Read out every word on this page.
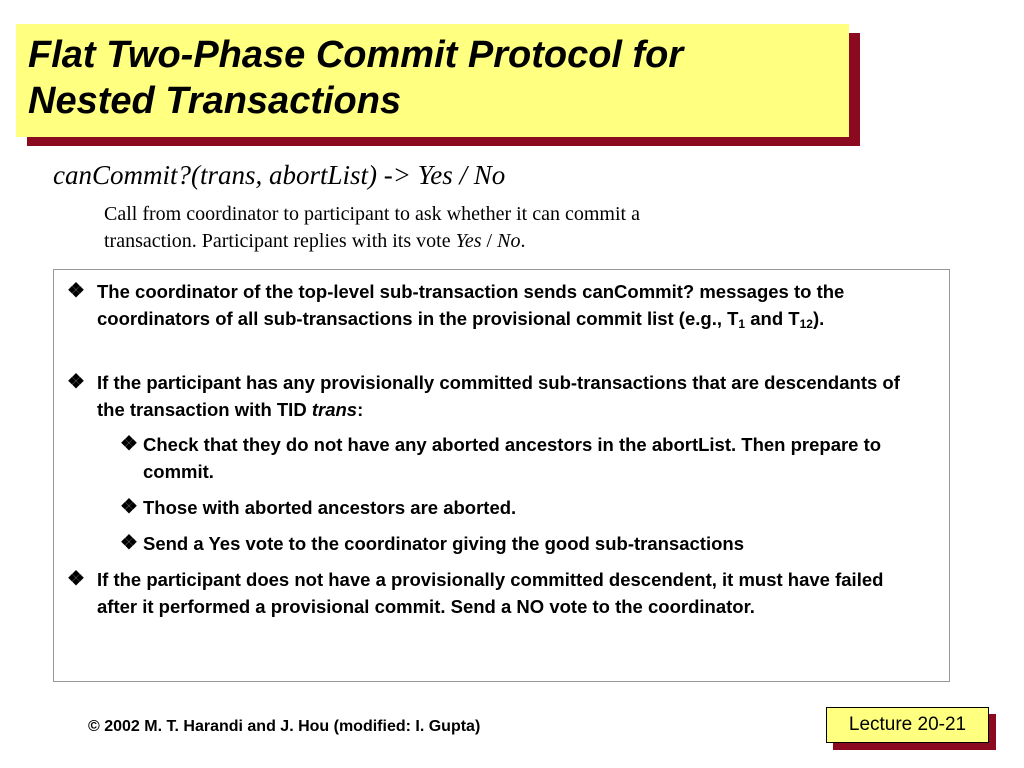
Flat Two-Phase Commit Protocol for
Nested Transactions
canCommit?(trans, abortList) -> Yes / No
Call from coordinator to participant to ask whether it can commit a
transaction. Participant replies with its vote Yes / No.
❖ The coordinator of the top-level sub-transaction sends canCommit? messages to the coordinators of all sub-transactions in the provisional commit list (e.g., $T_1$ and $T_{12}$).
❖ If the participant has any provisionally committed sub-transactions that are descendants of the transaction with TID trans:
❖ Check that they do not have any aborted ancestors in the abortList. Then prepare to commit.
❖ Those with aborted ancestors are aborted.
❖ Send a Yes vote to the coordinator giving the good sub-transactions
❖ If the participant does not have a provisionally committed descendent, it must have failed after it performed a provisional commit. Send a NO vote to the coordinator.
© 2002 M. T. Harandi and J. Hou (modified: I. Gupta)	Lecture 20-21
